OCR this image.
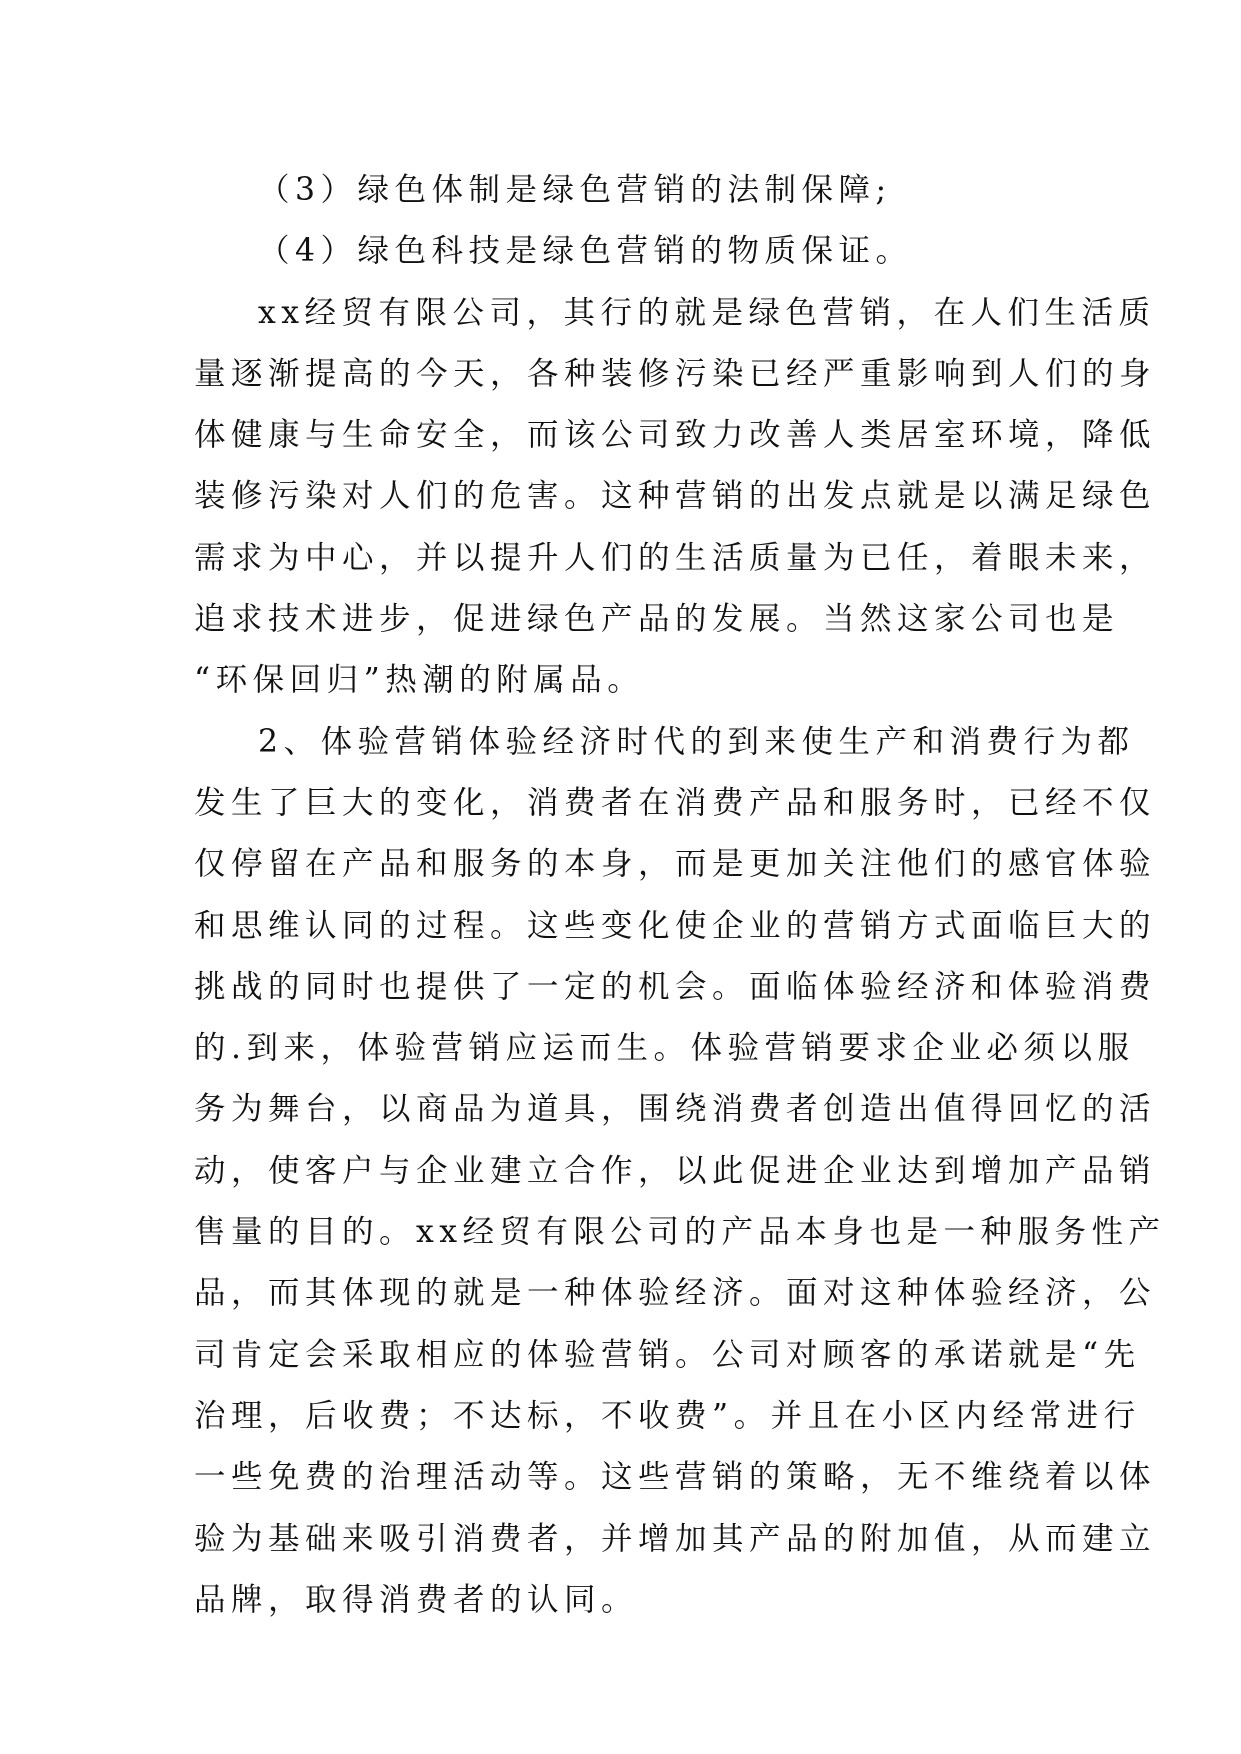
（3）绿色体制是绿色营销的法制保障;
（4）绿色科技是绿色营销的物质保证。
xx经贸有限公司，其行的就是绿色营销，在人们生活质
量逐渐提高的今天，各种装修污染已经严重影响到人们的身
体健康与生命安全，而该公司致力改善人类居室环境，降低
装修污染对人们的危害。这种营销的出发点就是以满足绿色
需求为中心，并以提升人们的生活质量为已任，着眼未来，
追求技术进步，促进绿色产品的发展。当然这家公司也是
“环保回归”热潮的附属品。
2、体验营销体验经济时代的到来使生产和消费行为都
发生了巨大的变化，消费者在消费产品和服务时，已经不仅
仅停留在产品和服务的本身，而是更加关注他们的感官体验
和思维认同的过程。这些变化使企业的营销方式面临巨大的
挑战的同时也提供了一定的机会。面临体验经济和体验消费
的.到来，体验营销应运而生。体验营销要求企业必须以服
务为舞台，以商品为道具，围绕消费者创造出值得回忆的活
动，使客户与企业建立合作，以此促进企业达到增加产品销
售量的目的。xx经贸有限公司的产品本身也是一种服务性产
品，而其体现的就是一种体验经济。面对这种体验经济，公
司肯定会采取相应的体验营销。公司对顾客的承诺就是“先
治理，后收费；不达标，不收费”。并且在小区内经常进行
一些免费的治理活动等。这些营销的策略，无不维绕着以体
验为基础来吸引消费者，并增加其产品的附加值，从而建立
品牌，取得消费者的认同。
